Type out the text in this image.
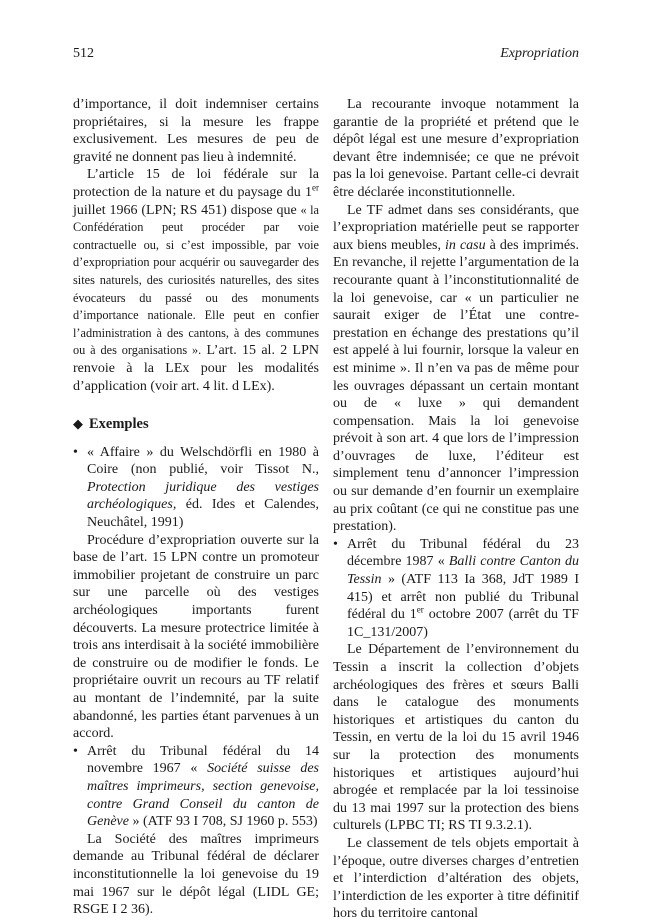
512	Expropriation

d’importance, il doit indemniser certains propriétaires, si la mesure les frappe exclusivement. Les mesures de peu de gravité ne donnent pas lieu à indemnité.

L’article 15 de loi fédérale sur la protection de la nature et du paysage du 1er juillet 1966 (LPN; RS 451) dispose que « la Confédération peut procéder par voie contractuelle ou, si c’est impossible, par voie d’expropriation pour acquérir ou sauvegarder des sites naturels, des curiosités naturelles, des sites évocateurs du passé ou des monuments d’importance nationale. Elle peut en confier l’administration à des cantons, à des communes ou à des organisations ». L’art. 15 al. 2 LPN renvoie à la LEx pour les modalités d’application (voir art. 4 lit. d LEx).

◆ Exemples

• « Affaire » du Welschdörfli en 1980 à Coire (non publié, voir Tissot N., Protection juridique des vestiges archéologiques, éd. Ides et Calendes, Neuchâtel, 1991)

Procédure d’expropriation ouverte sur la base de l’art. 15 LPN contre un promoteur immobilier projetant de construire un parc sur une parcelle où des vestiges archéologiques importants furent découverts. La mesure protectrice limitée à trois ans interdisait à la société immobilière de construire ou de modifier le fonds. Le propriétaire ouvrit un recours au TF relatif au montant de l’indemnité, par la suite abandonné, les parties étant parvenues à un accord.

• Arrêt du Tribunal fédéral du 14 novembre 1967 « Société suisse des maîtres imprimeurs, section genevoise, contre Grand Conseil du canton de Genève » (ATF 93 I 708, SJ 1960 p. 553)

La Société des maîtres imprimeurs demande au Tribunal fédéral de déclarer inconstitutionnelle la loi genevoise du 19 mai 1967 sur le dépôt légal (LIDL GE; RSGE I 2 36).

La recourante invoque notamment la garantie de la propriété et prétend que le dépôt légal est une mesure d’expropriation devant être indemnisée; ce que ne prévoit pas la loi genevoise. Partant celle-ci devrait être déclarée inconstitutionnelle.

Le TF admet dans ses considérants, que l’expropriation matérielle peut se rapporter aux biens meubles, in casu à des imprimés. En revanche, il rejette l’argumentation de la recourante quant à l’inconstitutionnalité de la loi genevoise, car « un particulier ne saurait exiger de l’État une contre-prestation en échange des prestations qu’il est appelé à lui fournir, lorsque la valeur en est minime ». Il n’en va pas de même pour les ouvrages dépassant un certain montant ou de « luxe » qui demandent compensation. Mais la loi genevoise prévoit à son art. 4 que lors de l’impression d’ouvrages de luxe, l’éditeur est simplement tenu d’annoncer l’impression ou sur demande d’en fournir un exemplaire au prix coûtant (ce qui ne constitue pas une prestation).

• Arrêt du Tribunal fédéral du 23 décembre 1987 « Balli contre Canton du Tessin » (ATF 113 Ia 368, JdT 1989 I 415) et arrêt non publié du Tribunal fédéral du 1er octobre 2007 (arrêt du TF 1C_131/2007)

Le Département de l’environnement du Tessin a inscrit la collection d’objets archéologiques des frères et sœurs Balli dans le catalogue des monuments historiques et artistiques du canton du Tessin, en vertu de la loi du 15 avril 1946 sur la protection des monuments historiques et artistiques aujourd’hui abrogée et remplacée par la loi tessinoise du 13 mai 1997 sur la protection des biens culturels (LPBC TI; RS TI 9.3.2.1).

Le classement de tels objets emportait à l’époque, outre diverses charges d’entretien et l’interdiction d’altération des objets, l’interdiction de les exporter à titre définitif hors du territoire cantonal
